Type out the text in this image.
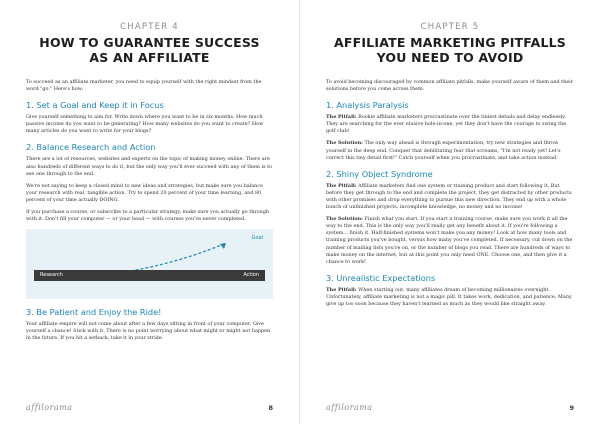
CHAPTER 4
HOW TO GUARANTEE SUCCESS
AS AN AFFILIATE

To succeed as an affiliate marketer, you need to equip yourself with the right mindset from the word "go." Here's how:

1. Set a Goal and Keep it in Focus

Give yourself something to aim for. Write down where you want to be in six months. How much passive income do you want to be generating? How many websites do you want to create? How many articles do you want to write for your blogs?

2. Balance Research and Action

There are a lot of resources, websites and experts on the topic of making money online. There are also hundreds of different ways to do it, but the only way you'll ever succeed with any of them is to see one through to the end.

We're not saying to keep a closed mind to new ideas and strategies, but make sure you balance your research with real, tangible action. Try to spend 20 percent of your time learning, and 80 percent of your time actually DOING.

If you purchase a course, or subscribe to a particular strategy, make sure you actually go through with it. Don't fill your computer — or your head — with courses you've never completed.

Goal
Research	Action
3. Be Patient and Enjoy the Ride!

Your affiliate empire will not come about after a few days sitting in front of your computer. Give yourself a chance! Stick with it. There is no point worrying about what might or might not happen in the future. If you hit a setback, take it in your stride.

affilorama	8
CHAPTER 5
AFFILIATE MARKETING PITFALLS
YOU NEED TO AVOID

To avoid becoming discouraged by common affiliate pitfalls, make yourself aware of them and their solutions before you come across them.

1. Analysis Paralysis

The Pitfall: Rookie affiliate marketers procrastinate over the tiniest details and delay endlessly. They are searching for the ever elusive hole-in-one, yet they don't have the courage to swing the golf club!

The Solution: The only way ahead is through experimentation; try new strategies and throw yourself in the deep end. Conquer that debilitating fear that screams, "I'm not ready yet! Let's correct this tiny detail first!" Catch yourself when you procrastinate, and take action instead.

2. Shiny Object Syndrome

The Pitfall: Affiliate marketers find one system or training product and start following it. But before they get through to the end and complete the project, they get distracted by other products with other promises and drop everything to pursue this new direction. They end up with a whole bunch of unfinished projects, incomplete knowledge, no money and no income!

The Solution: Finish what you start. If you start a training course, make sure you work it all the way to the end. This is the only way you'll really get any benefit about it. If you're following a system... finish it. Half-finished systems won't make you any money! Look at how many tools and training products you've bought, versus how many you've completed. If necessary, cut down on the number of mailing lists you're on, or the number of blogs you read. There are hundreds of ways to make money on the internet, but at this point you only need ONE. Choose one, and then give it a chance to work!

3. Unrealistic Expectations

The Pitfall: When starting out, many affiliates dream of becoming millionaires overnight. Unfortunately, affiliate marketing is not a magic pill. It takes work, dedication, and patience. Many give up too soon because they haven't learned as much as they would like straight away.

affilorama	9
